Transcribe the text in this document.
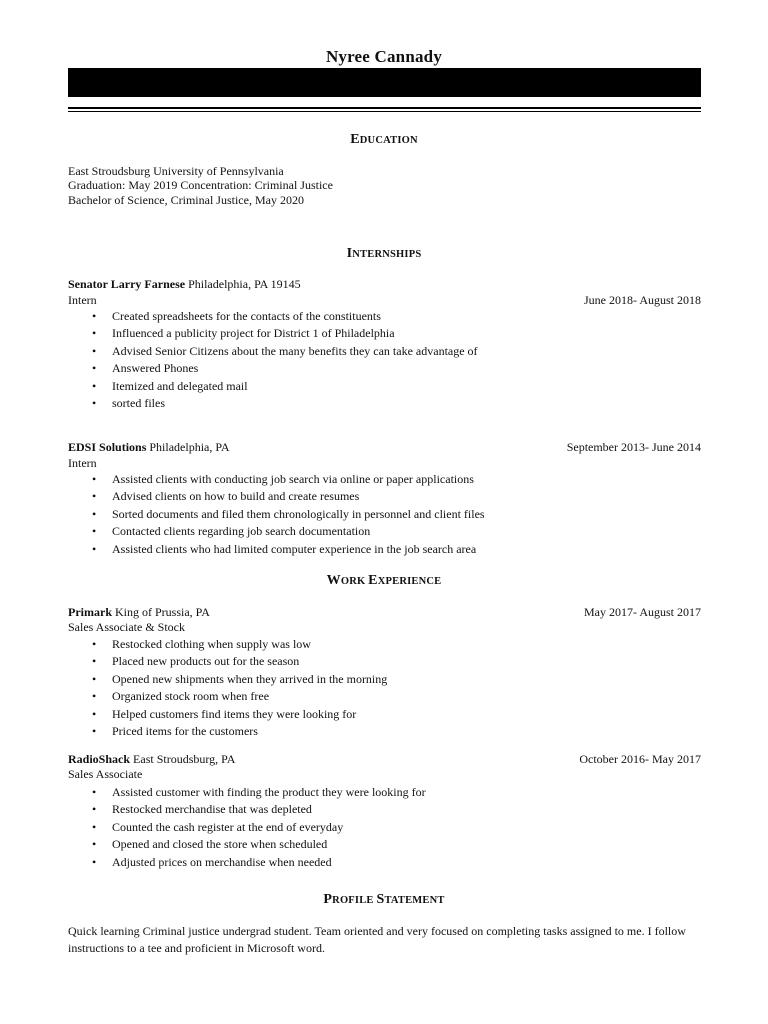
Nyree Cannady
EDUCATION
East Stroudsburg University of Pennsylvania
Graduation: May 2019 Concentration: Criminal Justice
Bachelor of Science, Criminal Justice, May 2020
INTERNSHIPS
Senator Larry Farnese Philadelphia, PA 19145
Intern	June 2018- August 2018
• Created spreadsheets for the contacts of the constituents
• Influenced a publicity project for District 1 of Philadelphia
• Advised Senior Citizens about the many benefits they can take advantage of
• Answered Phones
• Itemized and delegated mail
• sorted files
EDSI Solutions Philadelphia, PA	September 2013- June 2014
Intern
• Assisted clients with conducting job search via online or paper applications
• Advised clients on how to build and create resumes
• Sorted documents and filed them chronologically in personnel and client files
• Contacted clients regarding job search documentation
• Assisted clients who had limited computer experience in the job search area
WORK EXPERIENCE
Primark King of Prussia, PA	May 2017- August 2017
Sales Associate & Stock
• Restocked clothing when supply was low
• Placed new products out for the season
• Opened new shipments when they arrived in the morning
• Organized stock room when free
• Helped customers find items they were looking for
• Priced items for the customers
RadioShack East Stroudsburg, PA	October 2016- May 2017
Sales Associate
• Assisted customer with finding the product they were looking for
• Restocked merchandise that was depleted
• Counted the cash register at the end of everyday
• Opened and closed the store when scheduled
• Adjusted prices on merchandise when needed
PROFILE STATEMENT
Quick learning Criminal justice undergrad student. Team oriented and very focused on completing tasks assigned to me. I follow instructions to a tee and proficient in Microsoft word.
